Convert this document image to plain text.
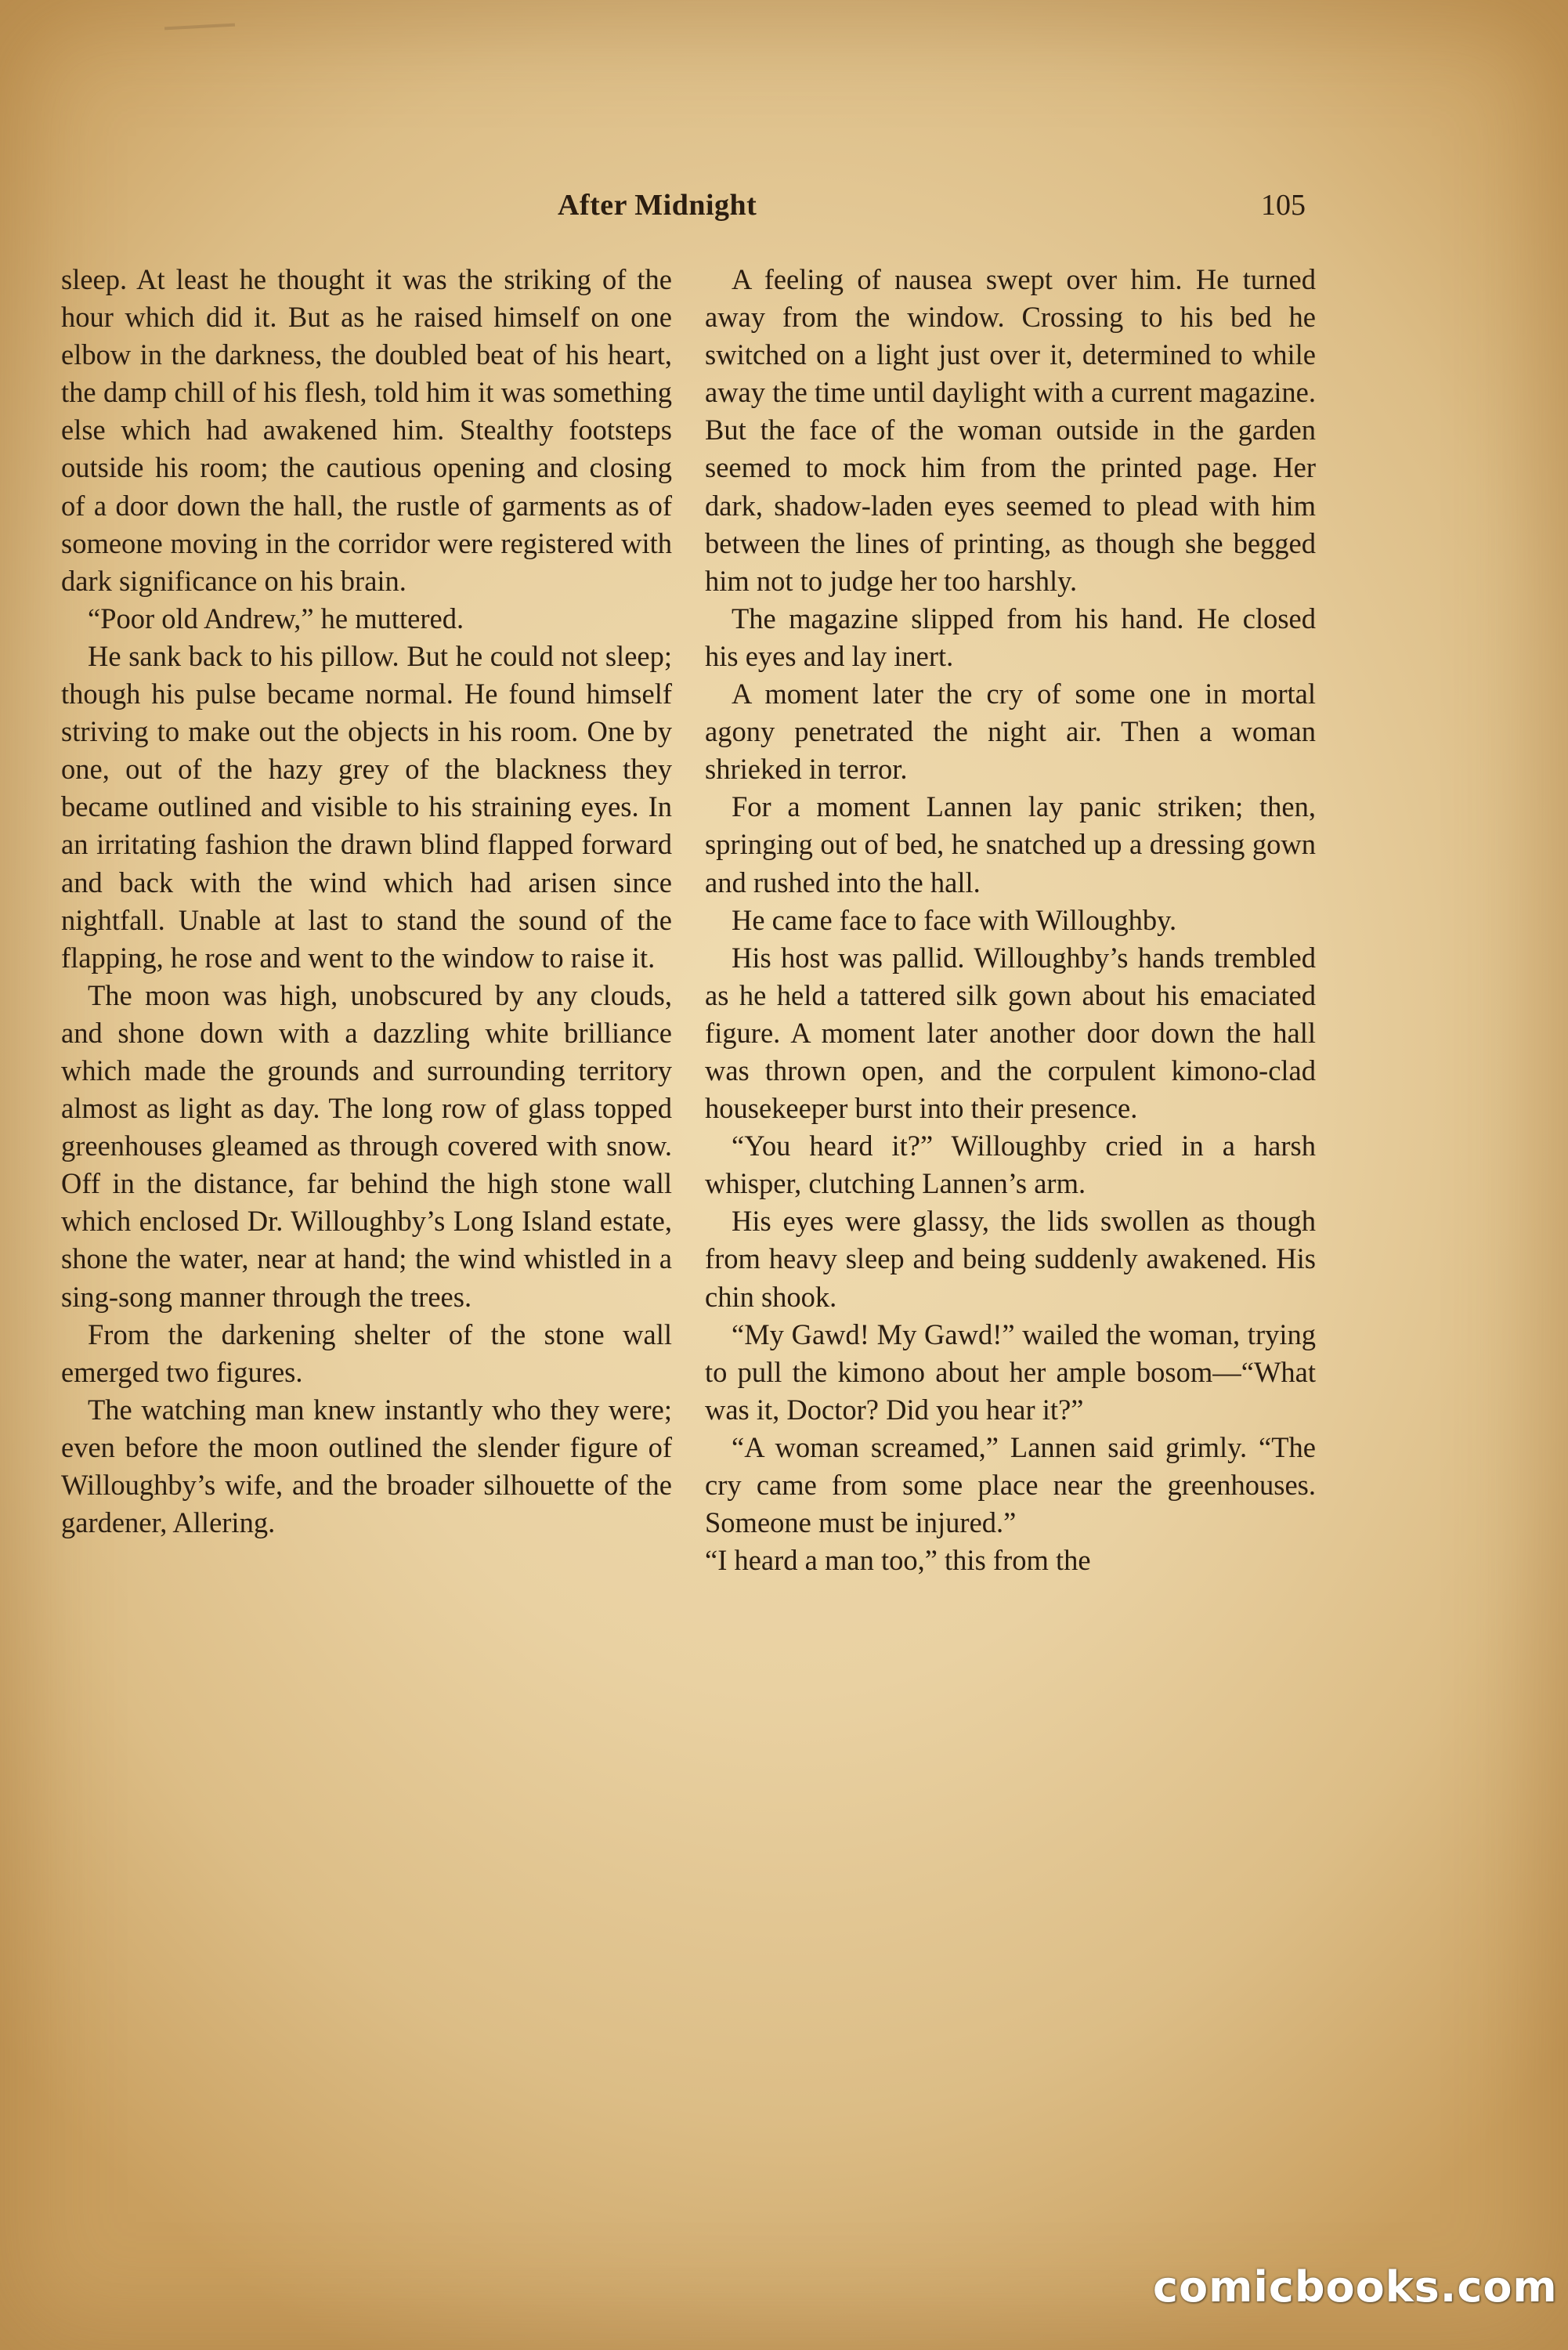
After Midnight	105

sleep. At least he thought it was the striking of the hour which did it. But as he raised himself on one elbow in the darkness, the doubled beat of his heart, the damp chill of his flesh, told him it was something else which had awakened him. Stealthy footsteps outside his room; the cautious opening and closing of a door down the hall, the rustle of garments as of someone moving in the corridor were registered with dark significance on his brain.

“Poor old Andrew,” he muttered.

He sank back to his pillow. But he could not sleep; though his pulse became normal. He found himself striving to make out the objects in his room. One by one, out of the hazy grey of the blackness they became outlined and visible to his straining eyes. In an irritating fashion the drawn blind flapped forward and back with the wind which had arisen since nightfall. Unable at last to stand the sound of the flapping, he rose and went to the window to raise it.

The moon was high, unobscured by any clouds, and shone down with a dazzling white brilliance which made the grounds and surrounding territory almost as light as day. The long row of glass topped greenhouses gleamed as through covered with snow. Off in the distance, far behind the high stone wall which enclosed Dr. Willoughby’s Long Island estate, shone the water, near at hand; the wind whistled in a sing-song manner through the trees.

From the darkening shelter of the stone wall emerged two figures.

The watching man knew instantly who they were; even before the moon outlined the slender figure of Willoughby’s wife, and the broader silhouette of the gardener, Allering.

A feeling of nausea swept over him. He turned away from the window. Crossing to his bed he switched on a light just over it, determined to while away the time until daylight with a current magazine. But the face of the woman outside in the garden seemed to mock him from the printed page. Her dark, shadow-laden eyes seemed to plead with him between the lines of printing, as though she begged him not to judge her too harshly.

The magazine slipped from his hand. He closed his eyes and lay inert.

A moment later the cry of some one in mortal agony penetrated the night air. Then a woman shrieked in terror.

For a moment Lannen lay panic striken; then, springing out of bed, he snatched up a dressing gown and rushed into the hall.

He came face to face with Willoughby.

His host was pallid. Willoughby’s hands trembled as he held a tattered silk gown about his emaciated figure. A moment later another door down the hall was thrown open, and the corpulent kimono-clad housekeeper burst into their presence.

“You heard it?” Willoughby cried in a harsh whisper, clutching Lannen’s arm.

His eyes were glassy, the lids swollen as though from heavy sleep and being suddenly awakened. His chin shook.

“My Gawd! My Gawd!” wailed the woman, trying to pull the kimono about her ample bosom—“What was it, Doctor? Did you hear it?”

“A woman screamed,” Lannen said grimly. “The cry came from some place near the greenhouses. Someone must be injured.”

“I heard a man too,” this from the

comicbooks.com
